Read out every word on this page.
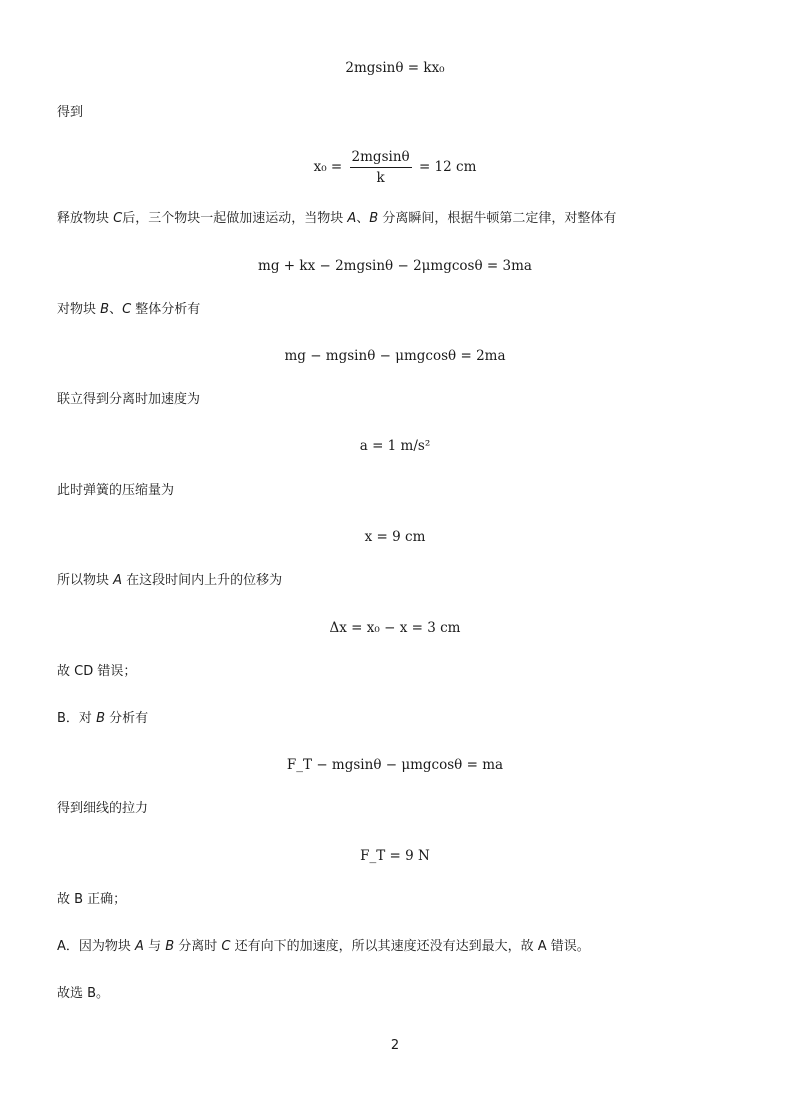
2mgsinθ = kx₀
得到
$x_0 = \frac{2mgsin\theta}{k} = 12$ cm
释放物块 C后，三个物块一起做加速运动，当物块 A、B 分离瞬间，根据牛顿第二定律，对整体有
mg + kx − 2mgsinθ − 2μmgcosθ = 3ma
对物块 B、C 整体分析有
mg − mgsinθ − μmgcosθ = 2ma
联立得到分离时加速度为
a = 1 m/s²
此时弹簧的压缩量为
x = 9 cm
所以物块 A 在这段时间内上升的位移为
Δx = x₀ − x = 3 cm
故 CD 错误；
B．对 B 分析有
F_T − mgsinθ − μmgcosθ = ma
得到细线的拉力
F_T = 9 N
故 B 正确；
A．因为物块 A 与 B 分离时 C 还有向下的加速度，所以其速度还没有达到最大，故 A 错误。
故选 B。
2
